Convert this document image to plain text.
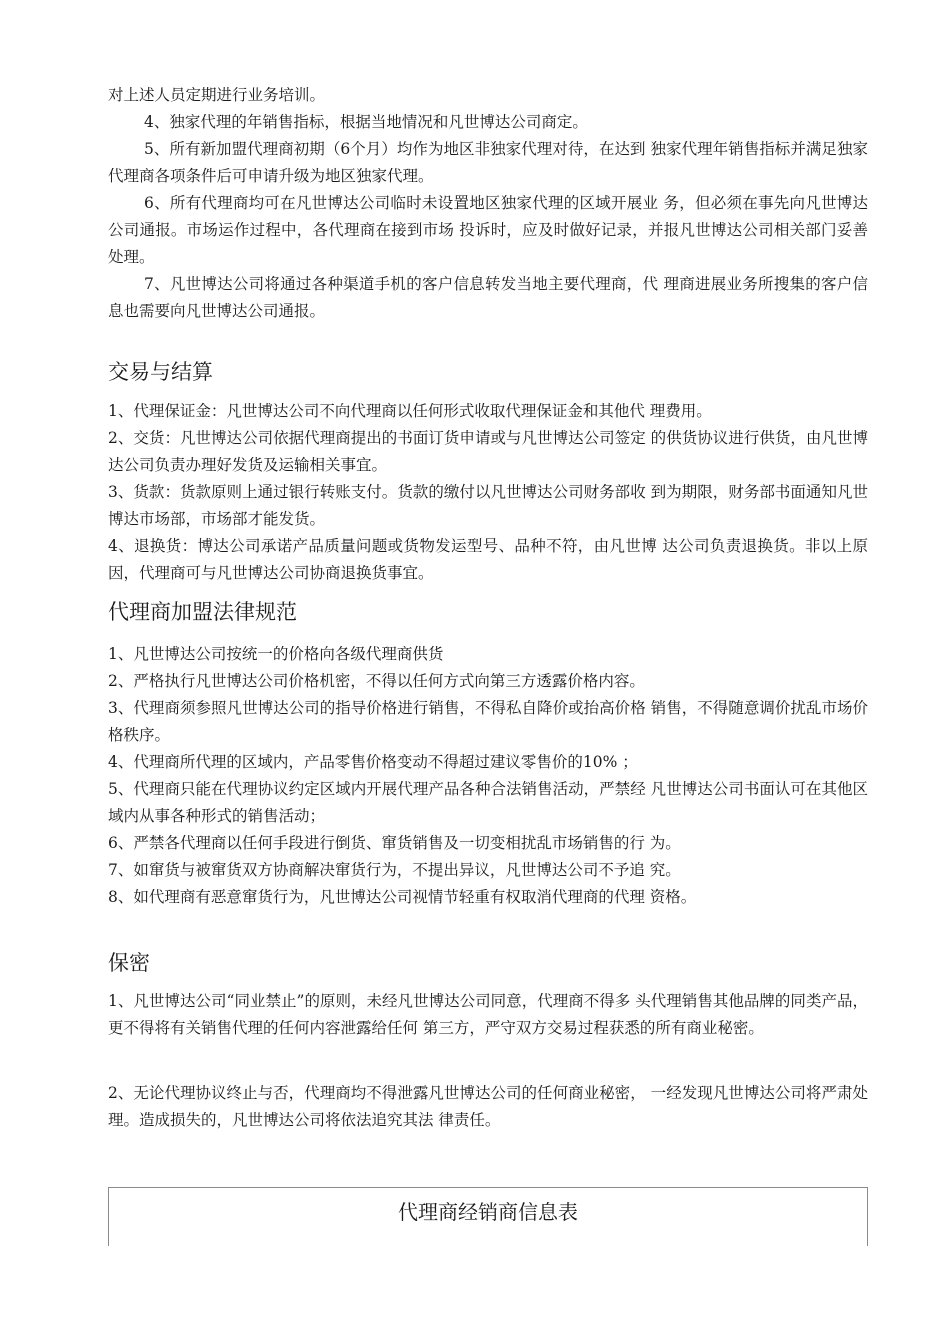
对上述人员定期进行业务培训。

4、独家代理的年销售指标，根据当地情况和凡世博达公司商定。

5、所有新加盟代理商初期（6个月）均作为地区非独家代理对待，在达到 独家代理年销售指标并满足独家代理商各项条件后可申请升级为地区独家代理。

6、所有代理商均可在凡世博达公司临时未设置地区独家代理的区域开展业 务，但必须在事先向凡世博达公司通报。市场运作过程中，各代理商在接到市场 投诉时，应及时做好记录，并报凡世博达公司相关部门妥善处理。

7、凡世博达公司将通过各种渠道手机的客户信息转发当地主要代理商，代 理商进展业务所搜集的客户信息也需要向凡世博达公司通报。

交易与结算

1、代理保证金：凡世博达公司不向代理商以任何形式收取代理保证金和其他代 理费用。

2、交货：凡世博达公司依据代理商提出的书面订货申请或与凡世博达公司签定 的供货协议进行供货，由凡世博达公司负责办理好发货及运输相关事宜。

3、货款：货款原则上通过银行转账支付。货款的缴付以凡世博达公司财务部收 到为期限，财务部书面通知凡世博达市场部，市场部才能发货。

4、退换货：博达公司承诺产品质量问题或货物发运型号、品种不符，由凡世博 达公司负责退换货。非以上原因，代理商可与凡世博达公司协商退换货事宜。

代理商加盟法律规范

1、凡世博达公司按统一的价格向各级代理商供货

2、严格执行凡世博达公司价格机密，不得以任何方式向第三方透露价格内容。

3、代理商须参照凡世博达公司的指导价格进行销售，不得私自降价或抬高价格 销售，不得随意调价扰乱市场价格秩序。

4、代理商所代理的区域内，产品零售价格变动不得超过建议零售价的10% ；

5、代理商只能在代理协议约定区域内开展代理产品各种合法销售活动，严禁经 凡世博达公司书面认可在其他区域内从事各种形式的销售活动；

6、严禁各代理商以任何手段进行倒货、窜货销售及一切变相扰乱市场销售的行 为。

7、如窜货与被窜货双方协商解决窜货行为，不提出异议，凡世博达公司不予追 究。

8、如代理商有恶意窜货行为，凡世博达公司视情节轻重有权取消代理商的代理 资格。

保密

1、凡世博达公司“同业禁止”的原则，未经凡世博达公司同意，代理商不得多 头代理销售其他品牌的同类产品，更不得将有关销售代理的任何内容泄露给任何 第三方，严守双方交易过程获悉的所有商业秘密。

2、无论代理协议终止与否，代理商均不得泄露凡世博达公司的任何商业秘密， 一经发现凡世博达公司将严肃处理。造成损失的，凡世博达公司将依法追究其法 律责任。

代理商经销商信息表
